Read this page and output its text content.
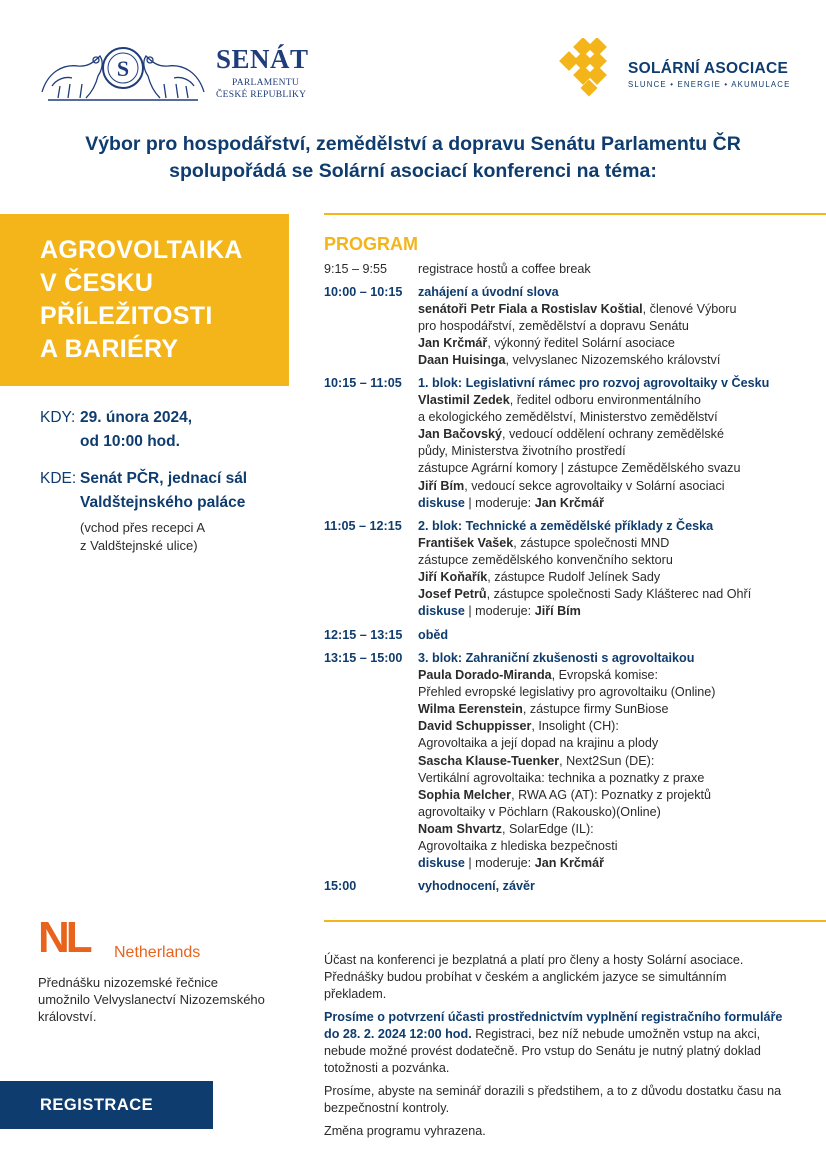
S	SENÁT
PARLAMENTU
ČESKÉ REPUBLIKY
SOLÁRNÍ ASOCIACE
SLUNCE • ENERGIE • AKUMULACE
Výbor pro hospodářství, zemědělství a dopravu Senátu Parlamentu ČR
spolupořádá se Solární asociací konferenci na téma:
AGROVOLTAIKA
V ČESKU
PŘÍLEŽITOSTI
A BARIÉRY
KDY: 29. února 2024,
od 10:00 hod.
KDE: Senát PČR, jednací sál
Valdštejnského paláce
(vchod přes recepci A
z Valdštejnské ulice)
PROGRAM
9:15 – 9:55	registrace hostů a coffee break
10:00 – 10:15	zahájení a úvodní slova
senátoři Petr Fiala a Rostislav Koštial, členové Výboru
pro hospodářství, zemědělství a dopravu Senátu
Jan Krčmář, výkonný ředitel Solární asociace
Daan Huisinga, velvyslanec Nizozemského království
10:15 – 11:05	1. blok: Legislativní rámec pro rozvoj agrovoltaiky v Česku
Vlastimil Zedek, ředitel odboru environmentálního
a ekologického zemědělství, Ministerstvo zemědělství
Jan Bačovský, vedoucí oddělení ochrany zemědělské
půdy, Ministerstva životního prostředí
zástupce Agrární komory | zástupce Zemědělského svazu
Jiří Bím, vedoucí sekce agrovoltaiky v Solární asociaci
diskuse | moderuje: Jan Krčmář
11:05 – 12:15	2. blok: Technické a zemědělské příklady z Česka
František Vašek, zástupce společnosti MND
zástupce zemědělského konvenčního sektoru
Jiří Koňařík, zástupce Rudolf Jelínek Sady
Josef Petrů, zástupce společnosti Sady Klášterec nad Ohří
diskuse | moderuje: Jiří Bím
12:15 – 13:15	oběd
13:15 – 15:00	3. blok: Zahraniční zkušenosti s agrovoltaikou
Paula Dorado-Miranda, Evropská komise:
Přehled evropské legislativy pro agrovoltaiku (Online)
Wilma Eerenstein, zástupce firmy SunBiose
David Schuppisser, Insolight (CH):
Agrovoltaika a její dopad na krajinu a plody
Sascha Klause-Tuenker, Next2Sun (DE):
Vertikální agrovoltaika: technika a poznatky z praxe
Sophia Melcher, RWA AG (AT): Poznatky z projektů
agrovoltaiky v Pöchlarn (Rakousko)(Online)
Noam Shvartz, SolarEdge (IL):
Agrovoltaika z hlediska bezpečnosti
diskuse | moderuje: Jan Krčmář
15:00	vyhodnocení, závěr
NL Netherlands
Přednášku nizozemské řečnice umožnilo Velvyslanectví Nizozemského království.
REGISTRACE

Účast na konferenci je bezplatná a platí pro členy a hosty Solární asociace. Přednášky budou probíhat v českém a anglickém jazyce se simultánním překladem.

Prosíme o potvrzení účasti prostřednictvím vyplnění registračního formuláře do 28. 2. 2024 12:00 hod. Registraci, bez níž nebude umožněn vstup na akci, nebude možné provést dodatečně. Pro vstup do Senátu je nutný platný doklad totožnosti a pozvánka.

Prosíme, abyste na seminář dorazili s předstihem, a to z důvodu dostatku času na bezpečnostní kontroly.

Změna programu vyhrazena.
